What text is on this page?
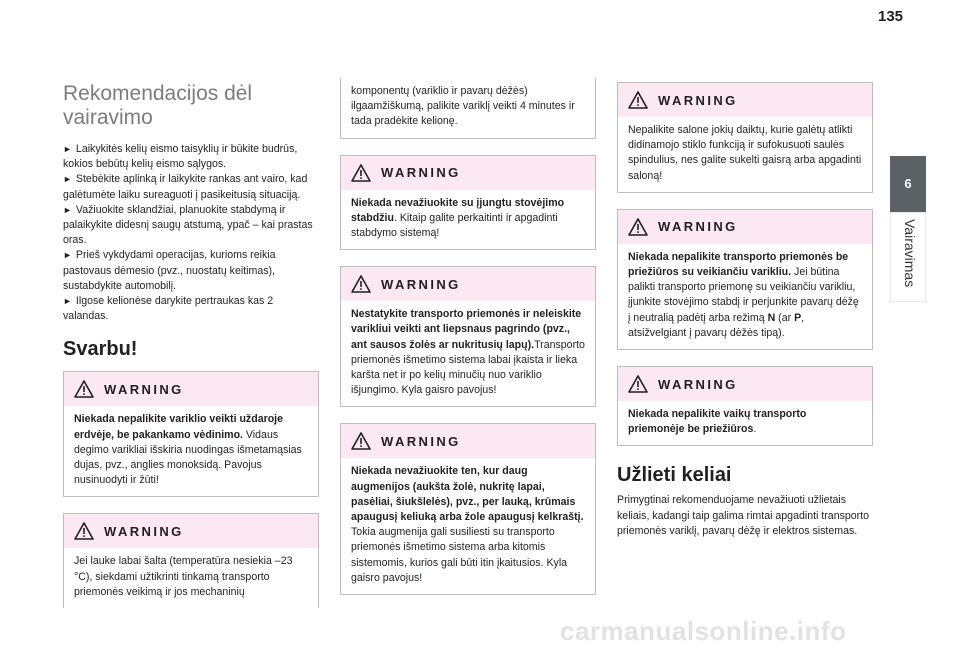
135
6
Vairavimas
Rekomendacijos dėl
vairavimo

► Laikykitės kelių eismo taisyklių ir būkite budrūs, kokios bebūtų kelių eismo sąlygos.

► Stebėkite aplinką ir laikykite rankas ant vairo, kad galėtumėte laiku sureaguoti į pasikeitusią situaciją.

► Važiuokite sklandžiai, planuokite stabdymą ir palaikykite didesnį saugų atstumą, ypač – kai prastas oras.

► Prieš vykdydami operacijas, kurioms reikia pastovaus dėmesio (pvz., nuostatų keitimas), sustabdykite automobilį.

► Ilgose kelionėse darykite pertraukas kas 2 valandas.

Svarbu!
WARNING
Niekada nepalikite variklio veikti uždaroje erdvėje, be pakankamo vėdinimo. Vidaus degimo varikliai išskiria nuodingas išmetamąsias dujas, pvz., anglies monoksidą. Pavojus nusinuodyti ir žūti!
WARNING
Jei lauke labai šalta (temperatūra nesiekia –23 °C), siekdami užtikrinti tinkamą transporto priemonės veikimą ir jos mechaninių
komponentų (variklio ir pavarų dėžės) ilgaamžiškumą, palikite variklį veikti 4 minutes ir tada pradėkite kelionę.
WARNING
Niekada nevažiuokite su įjungtu stovėjimo stabdžiu. Kitaip galite perkaitinti ir apgadinti stabdymo sistemą!
WARNING
Nestatykite transporto priemonės ir neleiskite varikliui veikti ant liepsnaus pagrindo (pvz., ant sausos žolės ar nukritusių lapų).Transporto priemonės išmetimo sistema labai įkaista ir lieka karšta net ir po kelių minučių nuo variklio išjungimo. Kyla gaisro pavojus!
WARNING
Niekada nevažiuokite ten, kur daug augmenijos (aukšta žolė, nukritę lapai, pasėliai, šiukšlelės), pvz., per lauką, krūmais apaugusį keliuką arba žole apaugusį kelkraštį.
Tokia augmenija gali susiliesti su transporto priemonės išmetimo sistema arba kitomis sistemomis, kurios gali būti itin įkaitusios. Kyla gaisro pavojus!
WARNING
Nepalikite salone jokių daiktų, kurie galėtų atlikti didinamojo stiklo funkciją ir sufokusuoti saulės spindulius, nes galite sukelti gaisrą arba apgadinti saloną!
WARNING
Niekada nepalikite transporto priemonės be priežiūros su veikiančiu varikliu. Jei būtina palikti transporto priemonę su veikiančiu varikliu, įjunkite stovėjimo stabdį ir perjunkite pavarų dėžę į neutralią padėtį arba režimą N (ar P, atsižvelgiant į pavarų dėžės tipą).
WARNING
Niekada nepalikite vaikų transporto priemonėje be priežiūros.
Užlieti keliai

Primygtinai rekomenduojame nevažiuoti užlietais keliais, kadangi taip galima rimtai apgadinti transporto priemonės variklį, pavarų dėžę ir elektros sistemas.

carmanualsonline.info
